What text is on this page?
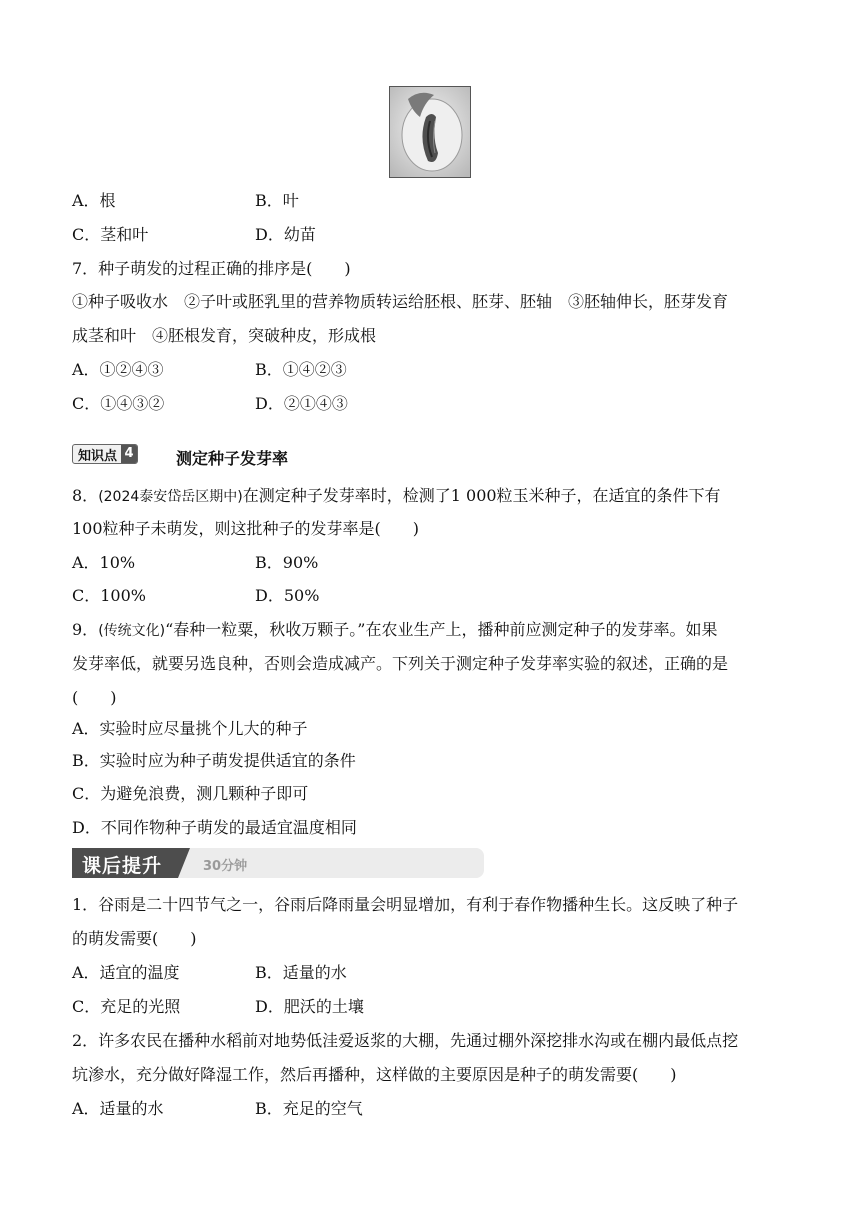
A．根	B．叶
C．茎和叶	D．幼苗
7．种子萌发的过程正确的排序是(　　)
①种子吸收水　②子叶或胚乳里的营养物质转运给胚根、胚芽、胚轴　③胚轴伸长，胚芽发育
成茎和叶　④胚根发育，突破种皮，形成根
A．①②④③	B．①④②③
C．①④③②	D．②①④③
知识点 4	测定种子发芽率
8．(2024泰安岱岳区期中)在测定种子发芽率时，检测了1 000粒玉米种子，在适宜的条件下有
100粒种子未萌发，则这批种子的发芽率是(　　)
A．10%	B．90%
C．100%	D．50%
9．(传统文化)“春种一粒粟，秋收万颗子。”在农业生产上，播种前应测定种子的发芽率。如果
发芽率低，就要另选良种，否则会造成减产。下列关于测定种子发芽率实验的叙述，正确的是
(　　)
A．实验时应尽量挑个儿大的种子
B．实验时应为种子萌发提供适宜的条件
C．为避免浪费，测几颗种子即可
D．不同作物种子萌发的最适宜温度相同
课后提升	30分钟
1．谷雨是二十四节气之一，谷雨后降雨量会明显增加，有利于春作物播种生长。这反映了种子
的萌发需要(　　)
A．适宜的温度	B．适量的水
C．充足的光照	D．肥沃的土壤
2．许多农民在播种水稻前对地势低洼爱返浆的大棚，先通过棚外深挖排水沟或在棚内最低点挖
坑渗水，充分做好降湿工作，然后再播种，这样做的主要原因是种子的萌发需要(　　)
A．适量的水	B．充足的空气
